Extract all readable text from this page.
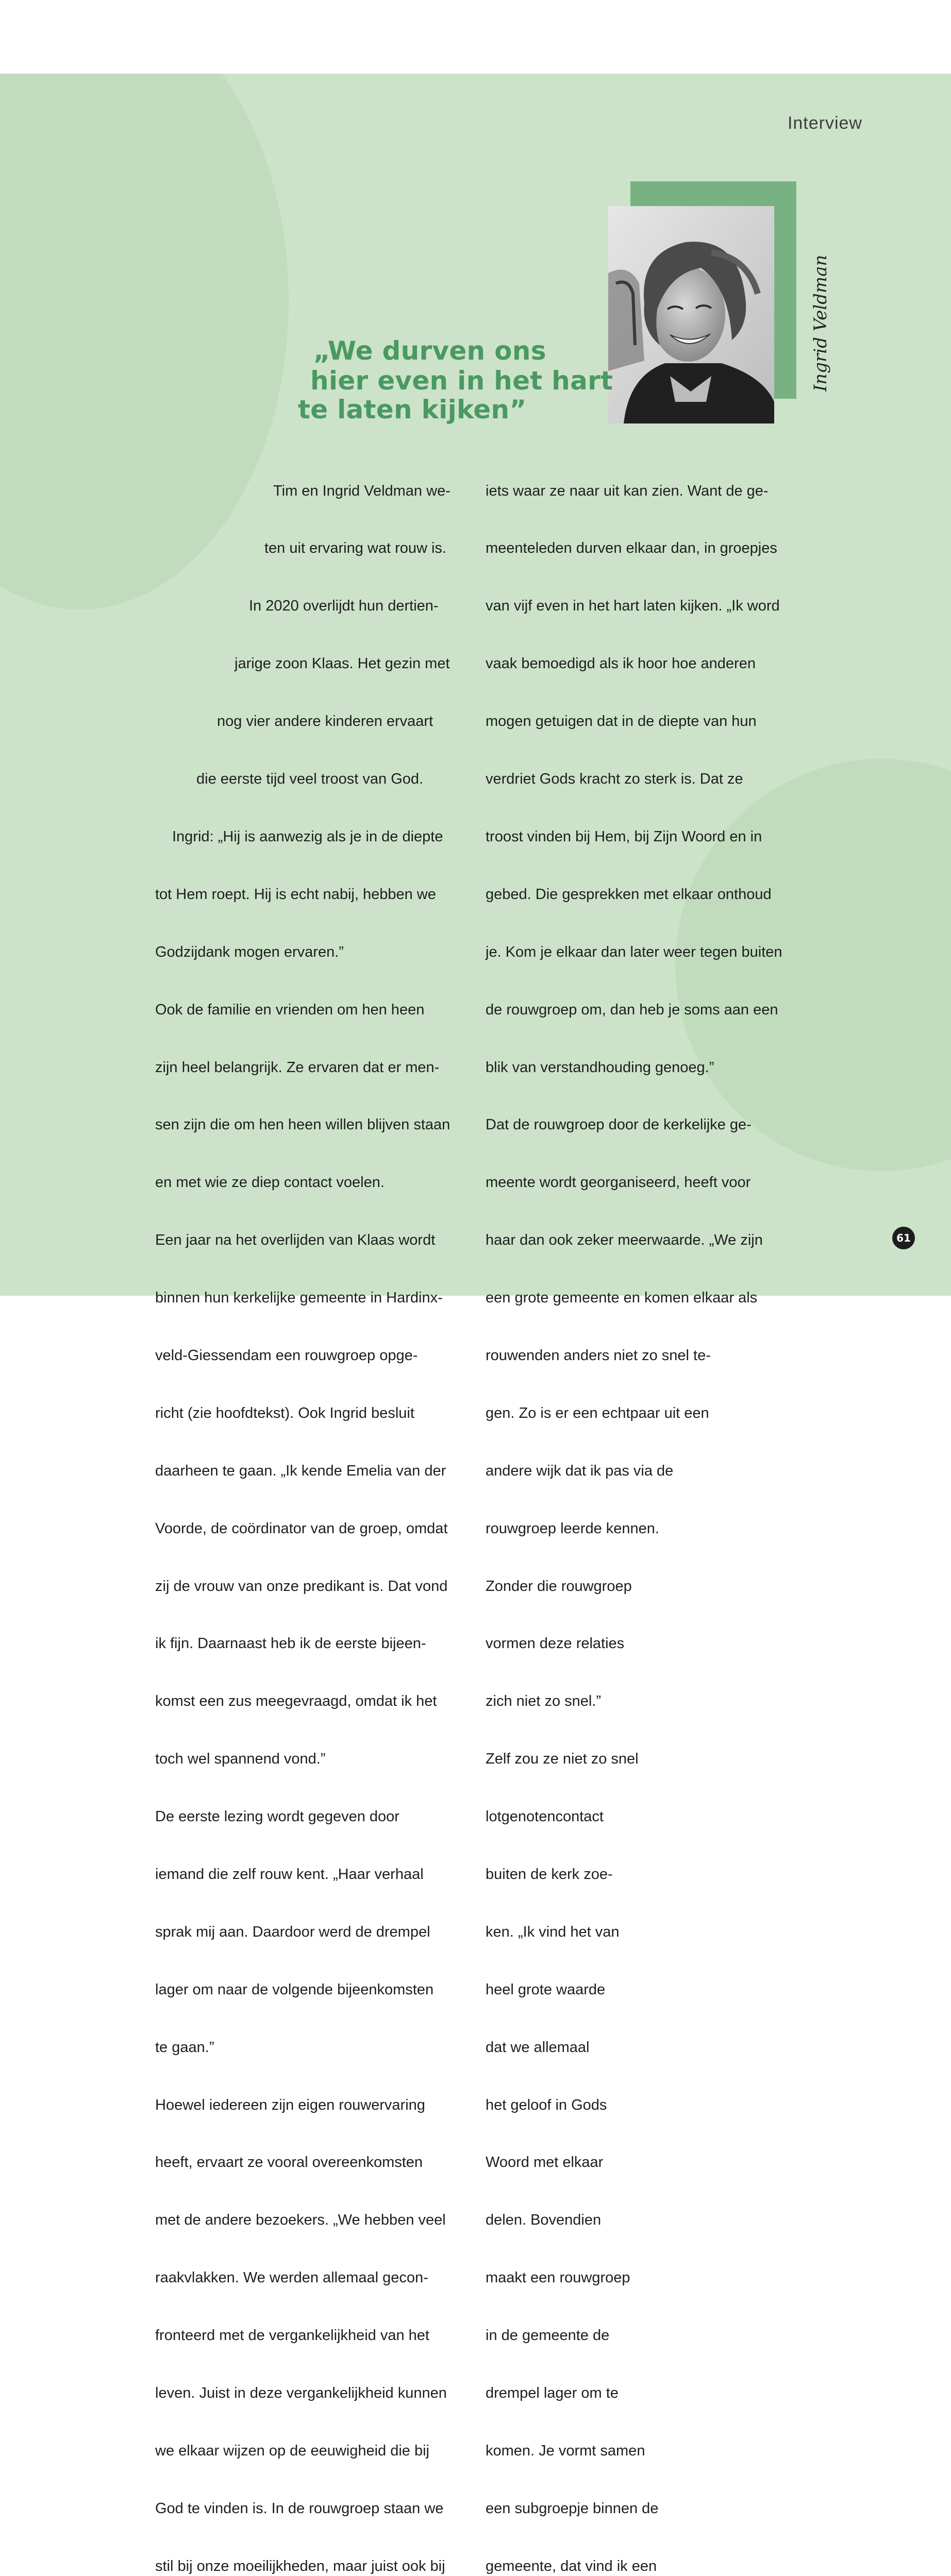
Interview
Ingrid Veldman
„We durven ons
hier even in het hart
te laten kijken”

Tim en Ingrid Veldman we-

ten uit ervaring wat rouw is.

In 2020 overlijdt hun dertien-

jarige zoon Klaas. Het gezin met

nog vier andere kinderen ervaart

die eerste tijd veel troost van God.

Ingrid: „Hij is aanwezig als je in de diepte

tot Hem roept. Hij is echt nabij, hebben we

Godzijdank mogen ervaren.”

Ook de familie en vrienden om hen heen

zijn heel belangrijk. Ze ervaren dat er men-

sen zijn die om hen heen willen blijven staan

en met wie ze diep contact voelen.

Een jaar na het overlijden van Klaas wordt

binnen hun kerkelijke gemeente in Hardinx-

veld-Giessendam een rouwgroep opge-

richt (zie hoofdtekst). Ook Ingrid besluit

daarheen te gaan. „Ik kende Emelia van der

Voorde, de coördinator van de groep, omdat

zij de vrouw van onze predikant is. Dat vond

ik fijn. Daarnaast heb ik de eerste bijeen-

komst een zus meegevraagd, omdat ik het

toch wel spannend vond.”

De eerste lezing wordt gegeven door

iemand die zelf rouw kent. „Haar verhaal

sprak mij aan. Daardoor werd de drempel

lager om naar de volgende bijeenkomsten

te gaan.”

Hoewel iedereen zijn eigen rouwervaring

heeft, ervaart ze vooral overeenkomsten

met de andere bezoekers. „We hebben veel

raakvlakken. We werden allemaal gecon-

fronteerd met de vergankelijkheid van het

leven. Juist in deze vergankelijkheid kunnen

we elkaar wijzen op de eeuwigheid die bij

God te vinden is. In de rouwgroep staan we

stil bij onze moeilijkheden, maar juist ook bij

iets waar ze naar uit kan zien. Want de ge-

meenteleden durven elkaar dan, in groepjes

van vijf even in het hart laten kijken. „Ik word

vaak bemoedigd als ik hoor hoe anderen

mogen getuigen dat in de diepte van hun

verdriet Gods kracht zo sterk is. Dat ze

troost vinden bij Hem, bij Zijn Woord en in

gebed. Die gesprekken met elkaar onthoud

je. Kom je elkaar dan later weer tegen buiten

de rouwgroep om, dan heb je soms aan een

blik van verstandhouding genoeg.”

Dat de rouwgroep door de kerkelijke ge-

meente wordt georganiseerd, heeft voor

haar dan ook zeker meerwaarde. „We zijn

een grote gemeente en komen elkaar als

rouwenden anders niet zo snel te-

gen. Zo is er een echtpaar uit een

andere wijk dat ik pas via de

rouwgroep leerde kennen.

Zonder die rouwgroep

vormen deze relaties

zich niet zo snel.”

Zelf zou ze niet zo snel

lotgenotencontact

buiten de kerk zoe-

ken. „Ik vind het van

heel grote waarde

dat we allemaal

het geloof in Gods

Woord met elkaar

delen. Bovendien

maakt een rouwgroep

in de gemeente de

drempel lager om te

komen. Je vormt samen

een subgroepje binnen de

gemeente, dat vind ik een

61
